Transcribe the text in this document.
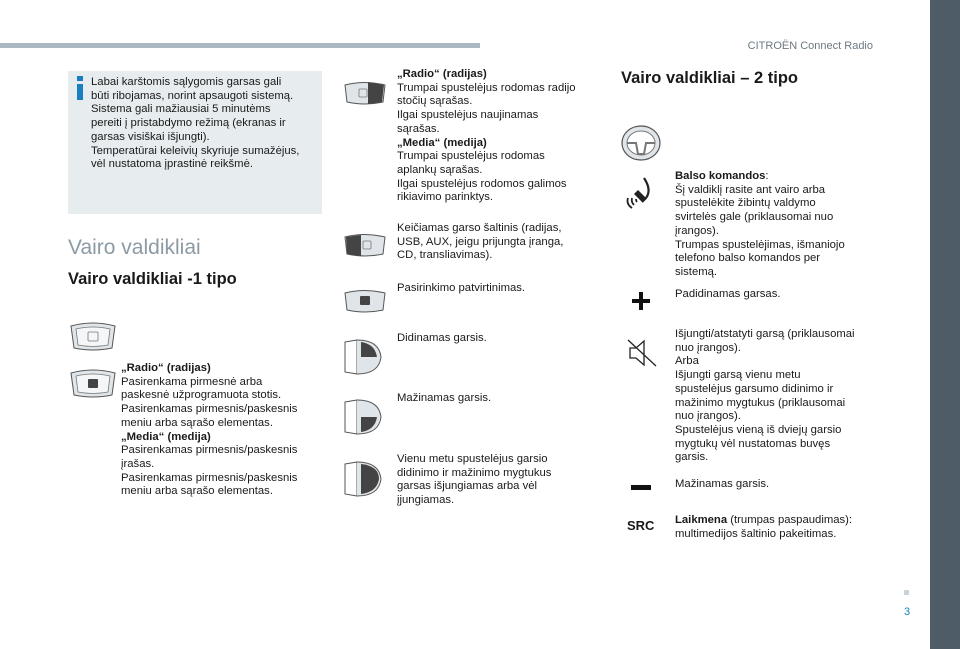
CITROËN Connect Radio
3
Labai karštomis sąlygomis garsas gali
būti ribojamas, norint apsaugoti sistemą.
Sistema gali mažiausiai 5 minutėms
pereiti į pristabdymo režimą (ekranas ir
garsas visiškai išjungti).
Temperatūrai keleivių skyriuje sumažėjus,
vėl nustatoma įprastinė reikšmė.
Vairo valdikliai
Vairo valdikliai -1 tipo
Vairo valdikliai – 2 tipo
„Radio“ (radijas)
Pasirenkama pirmesnė arba
paskesnė užprogramuota stotis.
Pasirenkamas pirmesnis/paskesnis
meniu arba sąrašo elementas.
„Media“ (medija)
Pasirenkamas pirmesnis/paskesnis
įrašas.
Pasirenkamas pirmesnis/paskesnis
meniu arba sąrašo elementas.
„Radio“ (radijas)
Trumpai spustelėjus rodomas radijo
stočių sąrašas.
Ilgai spustelėjus naujinamas
sąrašas.
„Media“ (medija)
Trumpai spustelėjus rodomas
aplankų sąrašas.
Ilgai spustelėjus rodomos galimos
rikiavimo parinktys.
Keičiamas garso šaltinis (radijas,
USB, AUX, jeigu prijungta įranga,
CD, transliavimas).
Pasirinkimo patvirtinimas.
Didinamas garsis.
Mažinamas garsis.
Vienu metu spustelėjus garsio
didinimo ir mažinimo mygtukus
garsas išjungiamas arba vėl
įjungiamas.
Balso komandos:
Šį valdiklį rasite ant vairo arba
spustelėkite žibintų valdymo
svirtelės gale (priklausomai nuo
įrangos).
Trumpas spustelėjimas, išmaniojo
telefono balso komandos per
sistemą.
Padidinamas garsas.
Išjungti/atstatyti garsą (priklausomai
nuo įrangos).
Arba
Išjungti garsą vienu metu
spustelėjus garsumo didinimo ir
mažinimo mygtukus (priklausomai
nuo įrangos).
Spustelėjus vieną iš dviejų garsio
mygtukų vėl nustatomas buvęs
garsis.
Mažinamas garsis.
SRC Laikmena (trumpas paspaudimas):
multimedijos šaltinio pakeitimas.
